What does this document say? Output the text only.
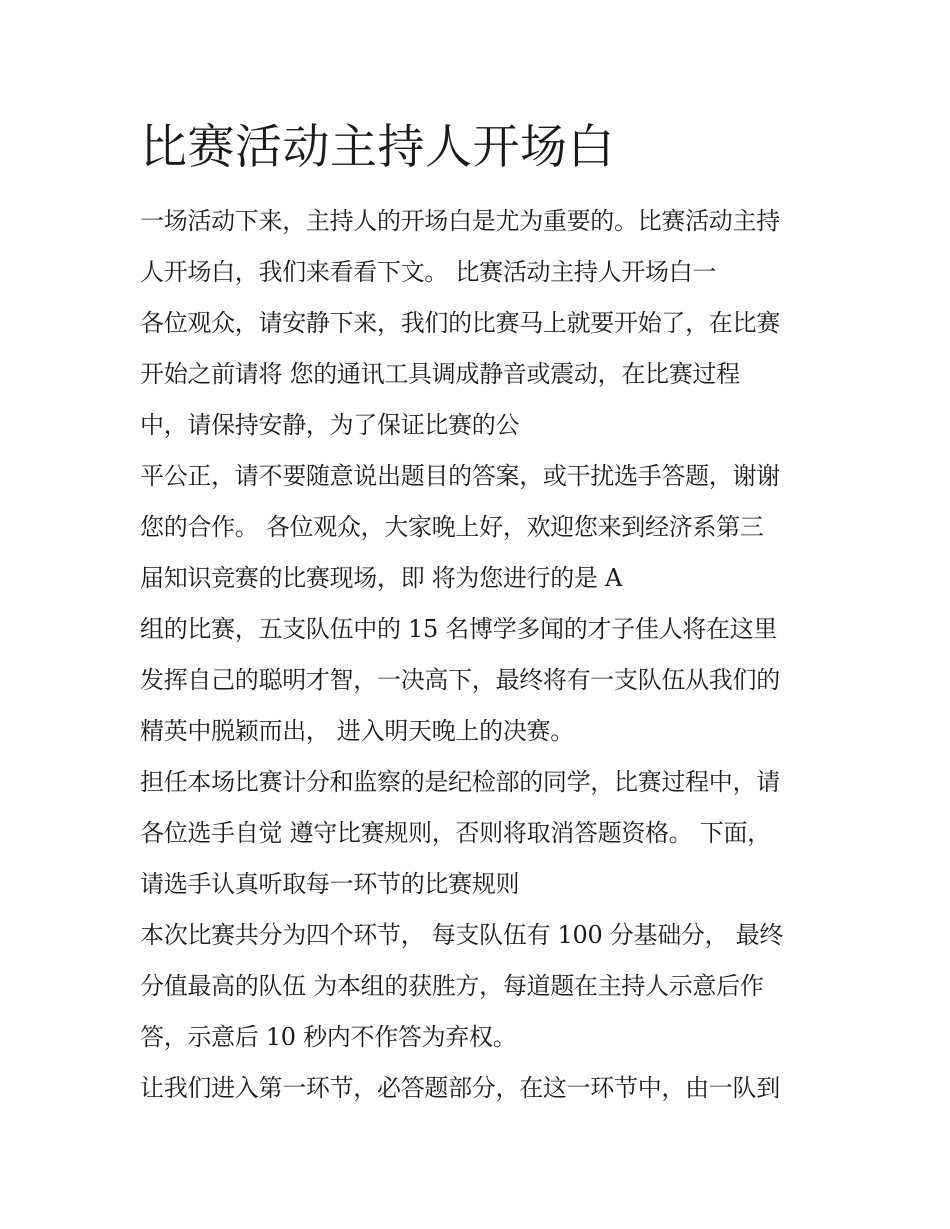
比赛活动主持人开场白
一场活动下来，主持人的开场白是尤为重要的。比赛活动主持
人开场白，我们来看看下文。 比赛活动主持人开场白一
各位观众，请安静下来，我们的比赛马上就要开始了，在比赛
开始之前请将 您的通讯工具调成静音或震动，在比赛过程
中，请保持安静，为了保证比赛的公
平公正，请不要随意说出题目的答案，或干扰选手答题，谢谢
您的合作。 各位观众，大家晚上好，欢迎您来到经济系第三
届知识竞赛的比赛现场，即 将为您进行的是 A
组的比赛，五支队伍中的 15 名博学多闻的才子佳人将在这里
发挥自己的聪明才智，一决高下，最终将有一支队伍从我们的
精英中脱颖而出， 进入明天晚上的决赛。
担任本场比赛计分和监察的是纪检部的同学，比赛过程中，请
各位选手自觉 遵守比赛规则，否则将取消答题资格。 下面，
请选手认真听取每一环节的比赛规则
本次比赛共分为四个环节， 每支队伍有 100 分基础分， 最终
分值最高的队伍 为本组的获胜方，每道题在主持人示意后作
答，示意后 10 秒内不作答为弃权。
让我们进入第一环节，必答题部分，在这一环节中，由一队到
